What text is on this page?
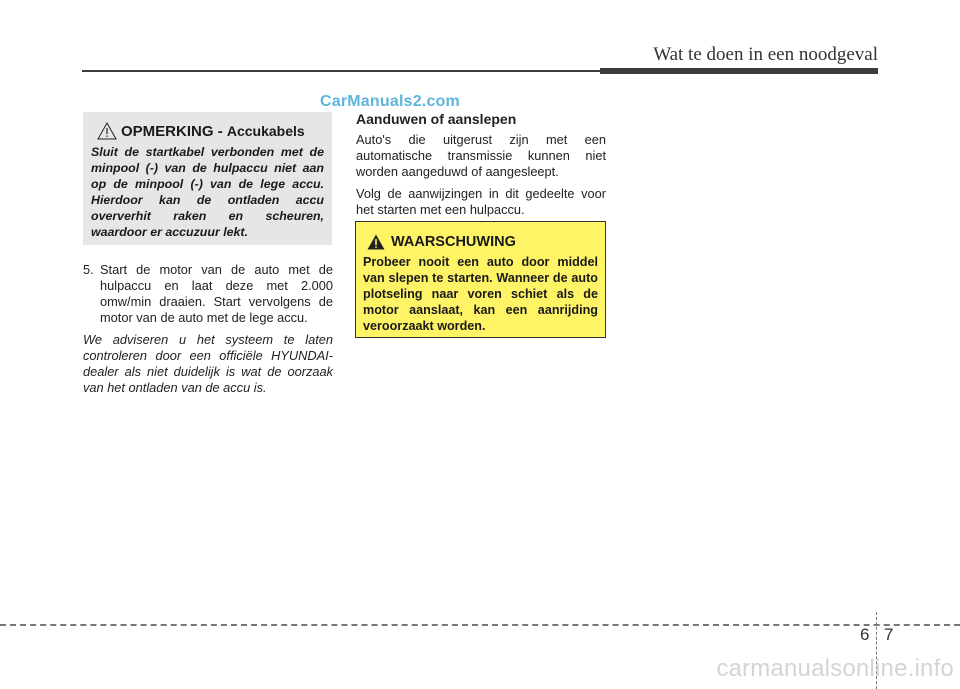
Wat te doen in een noodgeval
CarManuals2.com
OPMERKING - Accukabels
Sluit de startkabel verbonden met de minpool (-) van de hulpaccu niet aan op de minpool (-) van de lege accu. Hierdoor kan de ontladen accu oververhit raken en scheuren, waardoor er accuzuur lekt.
5. Start de motor van de auto met de hulpaccu en laat deze met 2.000 omw/min draaien. Start vervolgens de motor van de auto met de lege accu.
We adviseren u het systeem te laten controleren door een officiële HYUNDAI-dealer als niet duidelijk is wat de oorzaak van het ontladen van de accu is.
Aanduwen of aanslepen

Auto's die uitgerust zijn met een automatische transmissie kunnen niet worden aangeduwd of aangesleept.

Volg de aanwijzingen in dit gedeelte voor het starten met een hulpaccu.

WAARSCHUWING
Probeer nooit een auto door middel van slepen te starten. Wanneer de auto plotseling naar voren schiet als de motor aanslaat, kan een aanrijding veroorzaakt worden.
6 7
carmanualsonline.info
